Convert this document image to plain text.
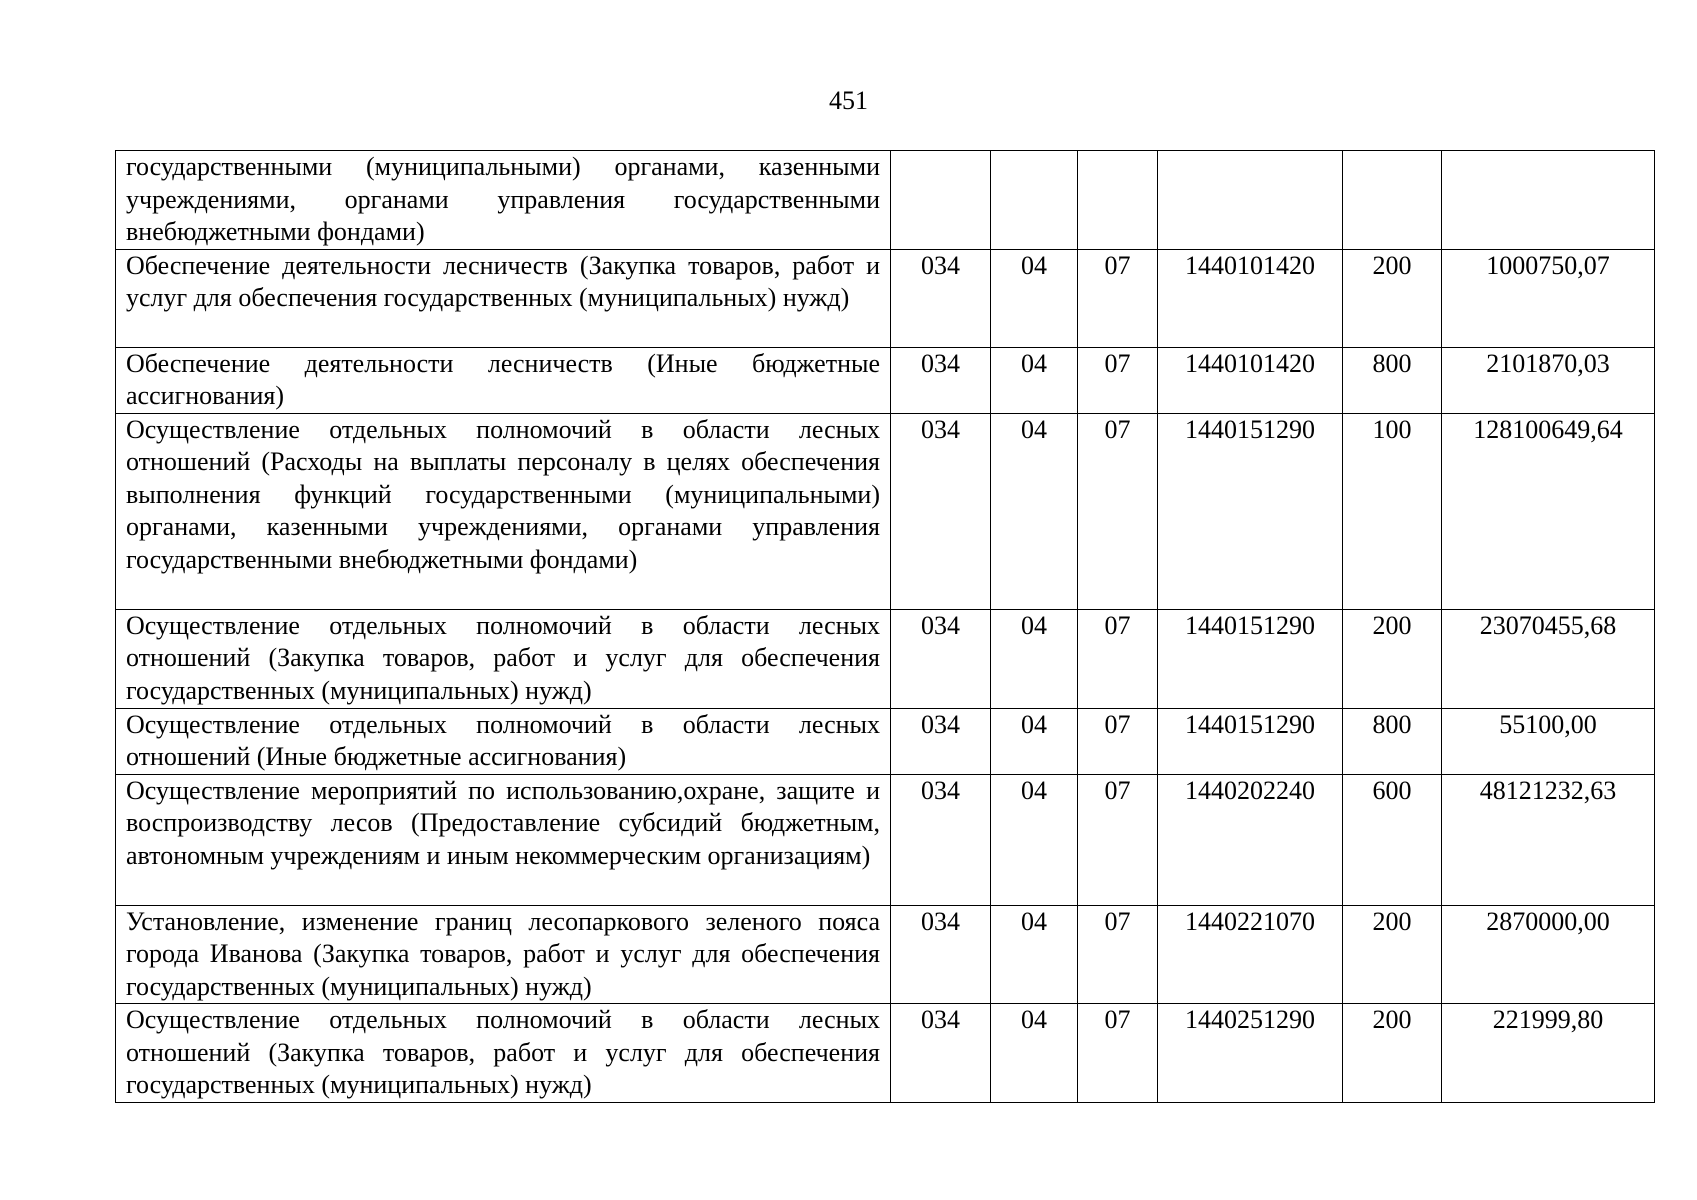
451
государственными (муниципальными) органами, казенными учреждениями, органами управления государственными внебюджетными фондами)						
Обеспечение деятельности лесничеств (Закупка товаров, работ и услуг для обеспечения государственных (муниципальных) нужд)	034	04	07	1440101420	200	1000750,07
Обеспечение деятельности лесничеств (Иные бюджетные ассигнования)	034	04	07	1440101420	800	2101870,03
Осуществление отдельных полномочий в области лесных отношений (Расходы на выплаты персоналу в целях обеспечения выполнения функций государственными (муниципальными) органами, казенными учреждениями, органами управления государственными внебюджетными фондами)	034	04	07	1440151290	100	128100649,64
Осуществление отдельных полномочий в области лесных отношений (Закупка товаров, работ и услуг для обеспечения государственных (муниципальных) нужд)	034	04	07	1440151290	200	23070455,68
Осуществление отдельных полномочий в области лесных отношений (Иные бюджетные ассигнования)	034	04	07	1440151290	800	55100,00
Осуществление мероприятий по использованию,охране, защите и воспроизводству лесов (Предоставление субсидий бюджетным, автономным учреждениям и иным некоммерческим организациям)	034	04	07	1440202240	600	48121232,63
Установление, изменение границ лесопаркового зеленого пояса города Иванова (Закупка товаров, работ и услуг для обеспечения государственных (муниципальных) нужд)	034	04	07	1440221070	200	2870000,00
Осуществление отдельных полномочий в области лесных отношений (Закупка товаров, работ и услуг для обеспечения государственных (муниципальных) нужд)	034	04	07	1440251290	200	221999,80
